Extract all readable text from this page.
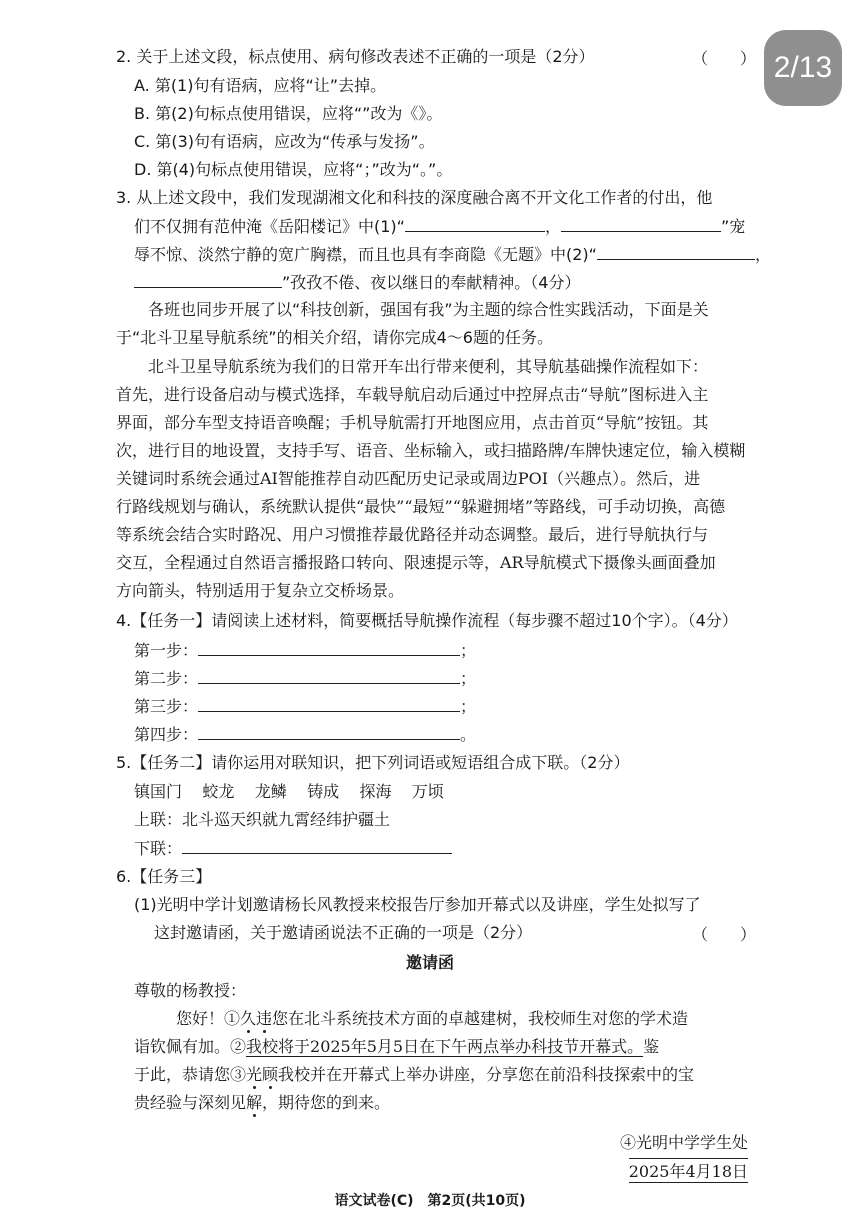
2/13
2. 关于上述文段，标点使用、病句修改表述不正确的一项是（2分）	（　　）
A. 第(1)句有语病，应将“让”去掉。
B. 第(2)句标点使用错误，应将“”改为《》。
C. 第(3)句有语病，应改为“传承与发扬”。
D. 第(4)句标点使用错误，应将“；”改为“。”。
3. 从上述文段中，我们发现湖湘文化和科技的深度融合离不开文化工作者的付出，他
们不仅拥有范仲淹《岳阳楼记》中(1)“	，	”宠
辱不惊、淡然宁静的宽广胸襟，而且也具有李商隐《无题》中(2)“	，
”孜孜不倦、夜以继日的奉献精神。（4分）
各班也同步开展了以“科技创新，强国有我”为主题的综合性实践活动，下面是关
于“北斗卫星导航系统”的相关介绍，请你完成4～6题的任务。
北斗卫星导航系统为我们的日常开车出行带来便利，其导航基础操作流程如下：
首先，进行设备启动与模式选择，车载导航启动后通过中控屏点击“导航”图标进入主
界面，部分车型支持语音唤醒；手机导航需打开地图应用，点击首页“导航”按钮。其
次，进行目的地设置，支持手写、语音、坐标输入，或扫描路牌/车牌快速定位，输入模糊
关键词时系统会通过AI智能推荐自动匹配历史记录或周边POI（兴趣点）。然后，进
行路线规划与确认，系统默认提供“最快”“最短”“躲避拥堵”等路线，可手动切换，高德
等系统会结合实时路况、用户习惯推荐最优路径并动态调整。最后，进行导航执行与
交互，全程通过自然语言播报路口转向、限速提示等，AR导航模式下摄像头画面叠加
方向箭头，特别适用于复杂立交桥场景。
4.【任务一】请阅读上述材料，简要概括导航操作流程（每步骤不超过10个字）。（4分）
第一步：	；
第二步：	；
第三步：	；
第四步：	。
5.【任务二】请你运用对联知识，把下列词语或短语组合成下联。（2分）
镇国门 蛟龙 龙鳞 铸成 探海 万顷
上联：北斗巡天织就九霄经纬护疆土
下联：
6.【任务三】
(1)光明中学计划邀请杨长风教授来校报告厅参加开幕式以及讲座，学生处拟写了
这封邀请函，关于邀请函说法不正确的一项是（2分）	（　　）
邀请函
尊敬的杨教授：
您好！①久违您在北斗系统技术方面的卓越建树，我校师生对您的学术造
诣钦佩有加。②我校将于2025年5月5日在下午两点举办科技节开幕式。鉴
于此，恭请您③光顾我校并在开幕式上举办讲座，分享您在前沿科技探索中的宝
贵经验与深刻见解，期待您的到来。
④光明中学学生处
2025年4月18日
语文试卷(C)　第2页(共10页)
